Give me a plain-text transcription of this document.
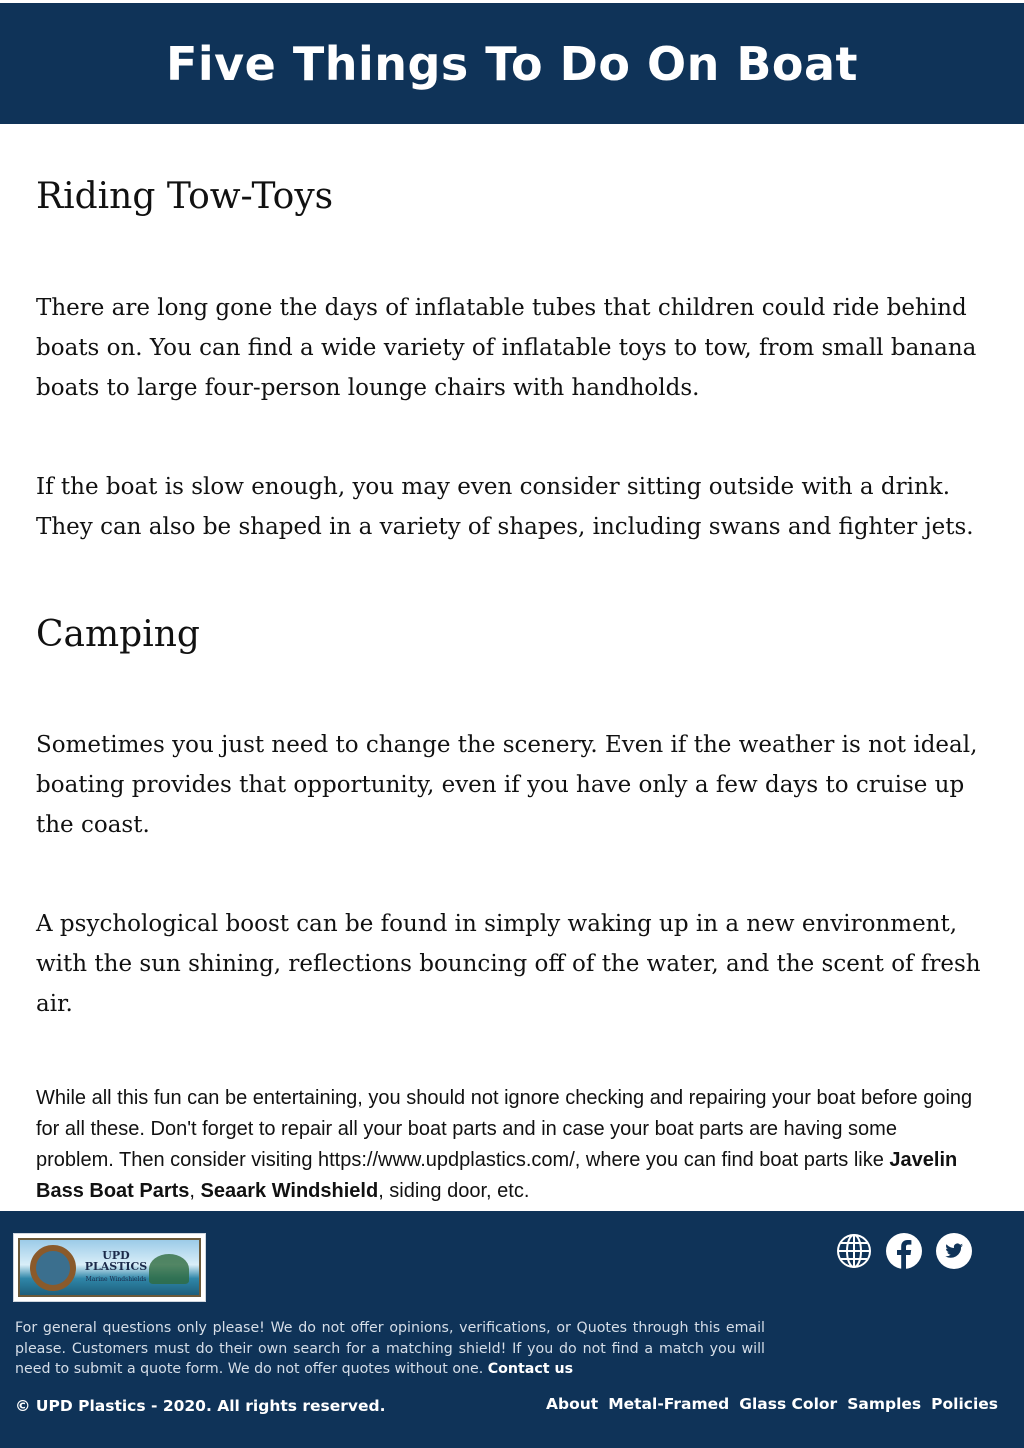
Five Things To Do On Boat
Riding Tow-Toys

There are long gone the days of inflatable tubes that children could ride behind boats on. You can find a wide variety of inflatable toys to tow, from small banana boats to large four-person lounge chairs with handholds.

If the boat is slow enough, you may even consider sitting outside with a drink. They can also be shaped in a variety of shapes, including swans and fighter jets.

Camping

Sometimes you just need to change the scenery. Even if the weather is not ideal, boating provides that opportunity, even if you have only a few days to cruise up the coast.

A psychological boost can be found in simply waking up in a new environment, with the sun shining, reflections bouncing off of the water, and the scent of fresh air.

While all this fun can be entertaining, you should not ignore checking and repairing your boat before going for all these. Don't forget to repair all your boat parts and in case your boat parts are having some problem. Then consider visiting https://www.updplastics.com/, where you can find boat parts like Javelin Bass Boat Parts, Seaark Windshield, siding door, etc.

UPD
PLASTICS
Marine Windshields

For general questions only please! We do not offer opinions, verifications, or Quotes through this email please. Customers must do their own search for a matching shield! If you do not find a match you will need to submit a quote form. We do not offer quotes without one. Contact us

© UPD Plastics - 2020. All rights reserved.	About Metal-Framed Glass Color Samples Policies
